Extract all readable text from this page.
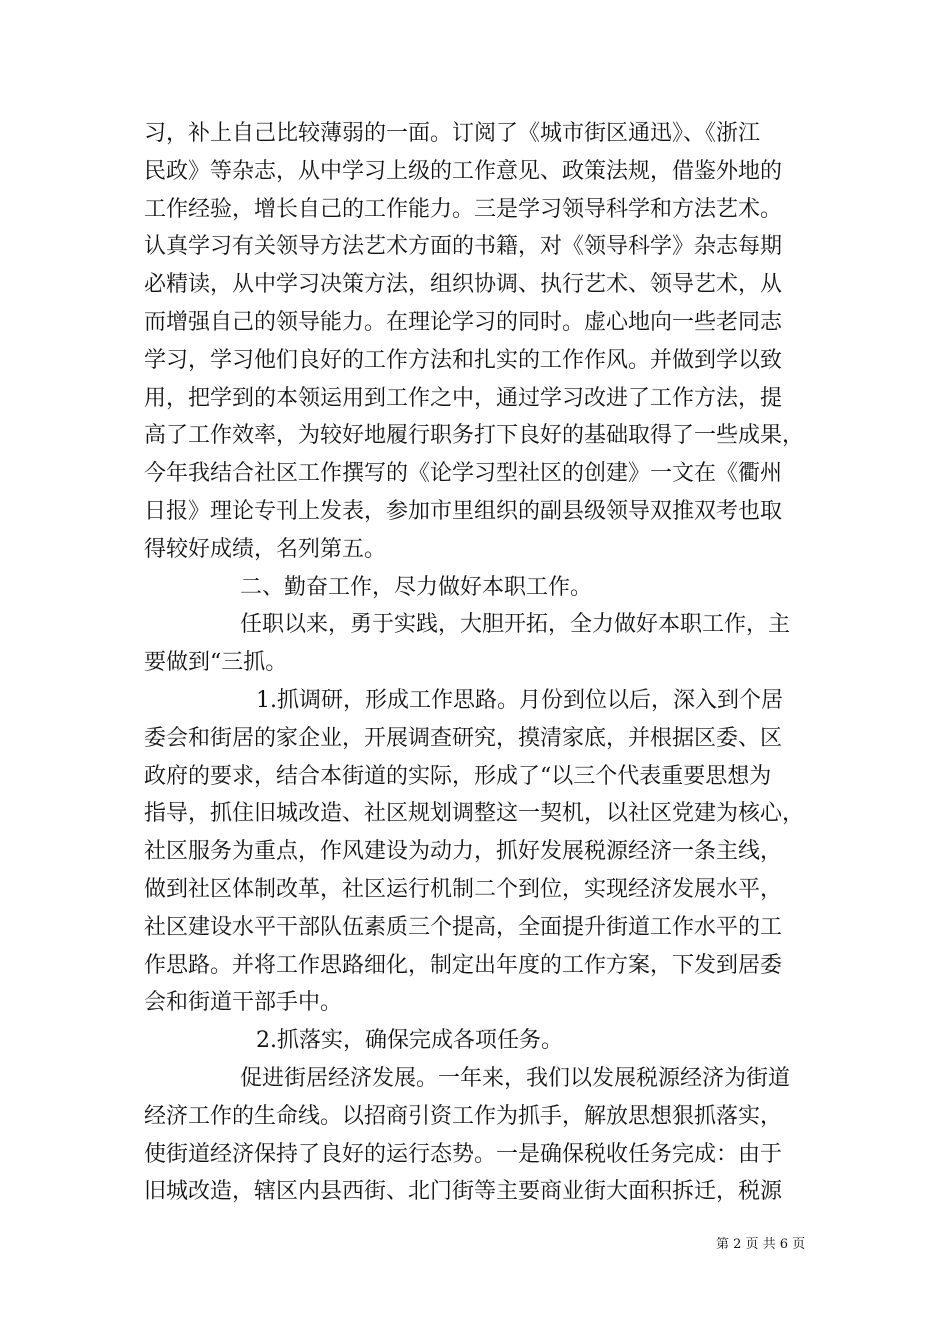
习，补上自己比较薄弱的一面。订阅了《城市街区通迅》、《浙江
民政》等杂志，从中学习上级的工作意见、政策法规，借鉴外地的
工作经验，增长自己的工作能力。三是学习领导科学和方法艺术。
认真学习有关领导方法艺术方面的书籍，对《领导科学》杂志每期
必精读，从中学习决策方法，组织协调、执行艺术、领导艺术，从
而增强自己的领导能力。在理论学习的同时。虚心地向一些老同志
学习，学习他们良好的工作方法和扎实的工作作风。并做到学以致
用，把学到的本领运用到工作之中，通过学习改进了工作方法，提
高了工作效率，为较好地履行职务打下良好的基础取得了一些成果，
今年我结合社区工作撰写的《论学习型社区的创建》一文在《衢州
日报》理论专刊上发表，参加市里组织的副县级领导双推双考也取
得较好成绩，名列第五。
二、勤奋工作，尽力做好本职工作。
任职以来，勇于实践，大胆开拓，全力做好本职工作，主
要做到“三抓。
1.抓调研，形成工作思路。月份到位以后，深入到个居
委会和街居的家企业，开展调查研究，摸清家底，并根据区委、区
政府的要求，结合本街道的实际，形成了“以三个代表重要思想为
指导，抓住旧城改造、社区规划调整这一契机，以社区党建为核心，
社区服务为重点，作风建设为动力，抓好发展税源经济一条主线，
做到社区体制改革，社区运行机制二个到位，实现经济发展水平，
社区建设水平干部队伍素质三个提高，全面提升街道工作水平的工
作思路。并将工作思路细化，制定出年度的工作方案，下发到居委
会和街道干部手中。
2.抓落实，确保完成各项任务。
促进街居经济发展。一年来，我们以发展税源经济为街道
经济工作的生命线。以招商引资工作为抓手，解放思想狠抓落实，
使街道经济保持了良好的运行态势。一是确保税收任务完成：由于
旧城改造，辖区内县西街、北门街等主要商业街大面积拆迁，税源
第 2 页 共 6 页
